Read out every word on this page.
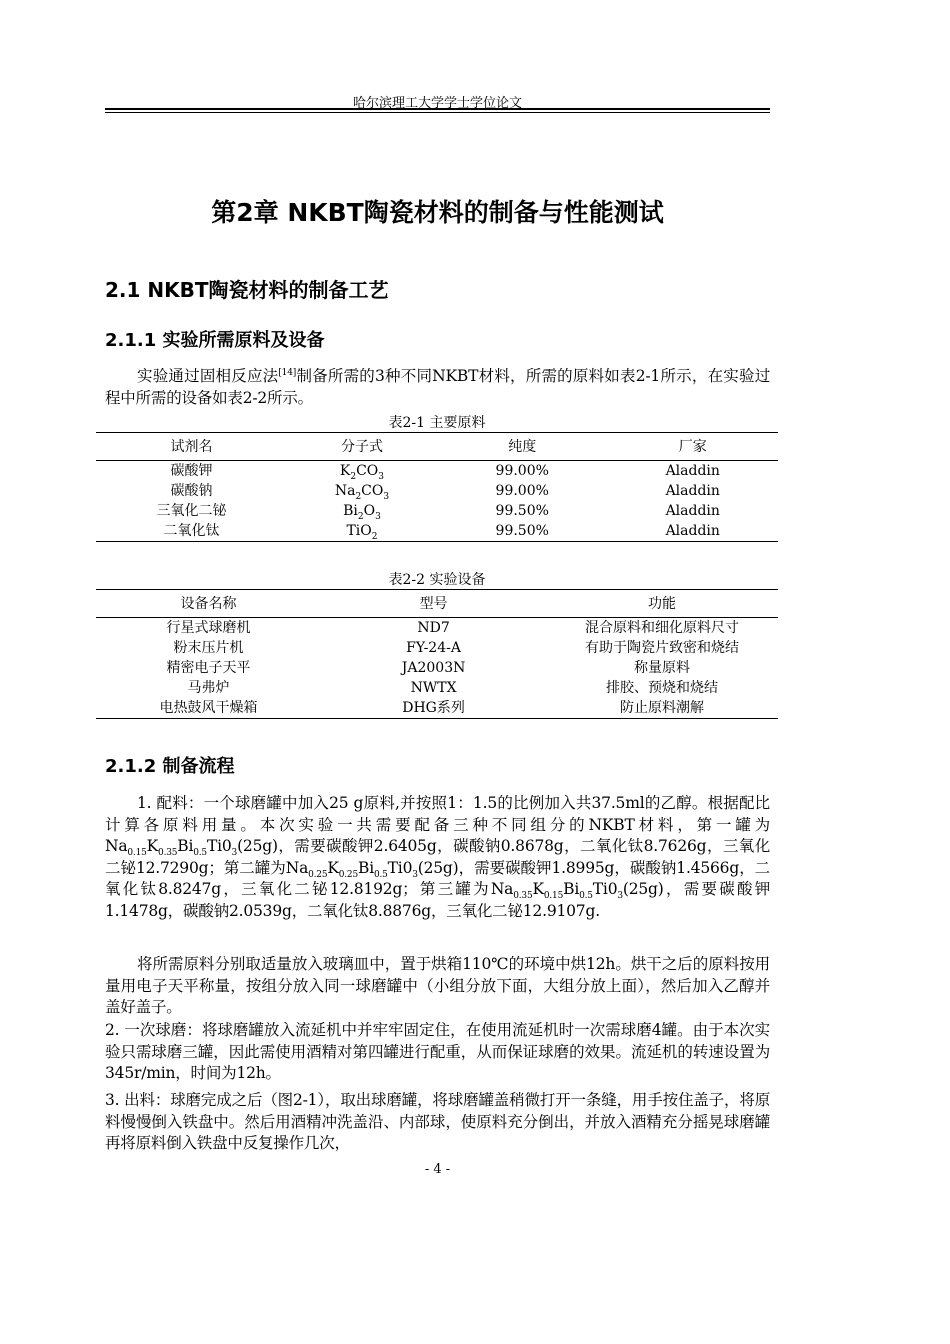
哈尔滨理工大学学士学位论文
第2章 NKBT陶瓷材料的制备与性能测试
2.1 NKBT陶瓷材料的制备工艺
2.1.1 实验所需原料及设备

实验通过固相反应法[14]制备所需的3种不同NKBT材料，所需的原料如表2-1所示，在实验过程中所需的设备如表2-2所示。

表2-1 主要原料
试剂名	分子式	纯度	厂家
碳酸钾	$K_2CO_3$	99.00%	Aladdin
碳酸钠	$Na_2CO_3$	99.00%	Aladdin
三氧化二铋	$Bi_2O_3$	99.50%	Aladdin
二氧化钛	TiO$_2$	99.50%	Aladdin
表2-2 实验设备
设备名称	型号	功能
行星式球磨机	ND7	混合原料和细化原料尺寸
粉末压片机	FY-24-A	有助于陶瓷片致密和烧结
精密电子天平	JA2003N	称量原料
马弗炉	NWTX	排胶、预烧和烧结
电热鼓风干燥箱	DHG系列	防止原料潮解
2.1.2 制备流程

1. 配料：一个球磨罐中加入25 g原料,并按照1：1.5的比例加入共37.5ml的乙醇。根据配比计算各原料用量。本次实验一共需要配备三种不同组分的NKBT材料，第一罐为$Na_{0.15}K_{0.35}Bi_{0.5}Ti0_3(25g)$，需要碳酸钾2.6405g，碳酸钠0.8678g，二氧化钛8.7626g，三氧化二铋12.7290g；第二罐为$Na_{0.25}K_{0.25}Bi_{0.5}Ti0_3(25g)$，需要碳酸钾1.8995g，碳酸钠1.4566g，二氧化钛8.8247g，三氧化二铋12.8192g；第三罐为$Na_{0.35}K_{0.15}Bi_{0.5}Ti0_3(25g)$，需要碳酸钾1.1478g，碳酸钠2.0539g，二氧化钛8.8876g，三氧化二铋12.9107g.

将所需原料分别取适量放入玻璃皿中，置于烘箱110℃的环境中烘12h。烘干之后的原料按用量用电子天平称量，按组分放入同一球磨罐中（小组分放下面，大组分放上面），然后加入乙醇并盖好盖子。

2. 一次球磨：将球磨罐放入流延机中并牢牢固定住，在使用流延机时一次需球磨4罐。由于本次实验只需球磨三罐，因此需使用酒精对第四罐进行配重，从而保证球磨的效果。流延机的转速设置为345r/min，时间为12h。

3. 出料：球磨完成之后（图2-1），取出球磨罐，将球磨罐盖稍微打开一条缝，用手按住盖子，将原料慢慢倒入铁盘中。然后用酒精冲洗盖沿、内部球，使原料充分倒出，并放入酒精充分摇晃球磨罐再将原料倒入铁盘中反复操作几次，

- 4 -
